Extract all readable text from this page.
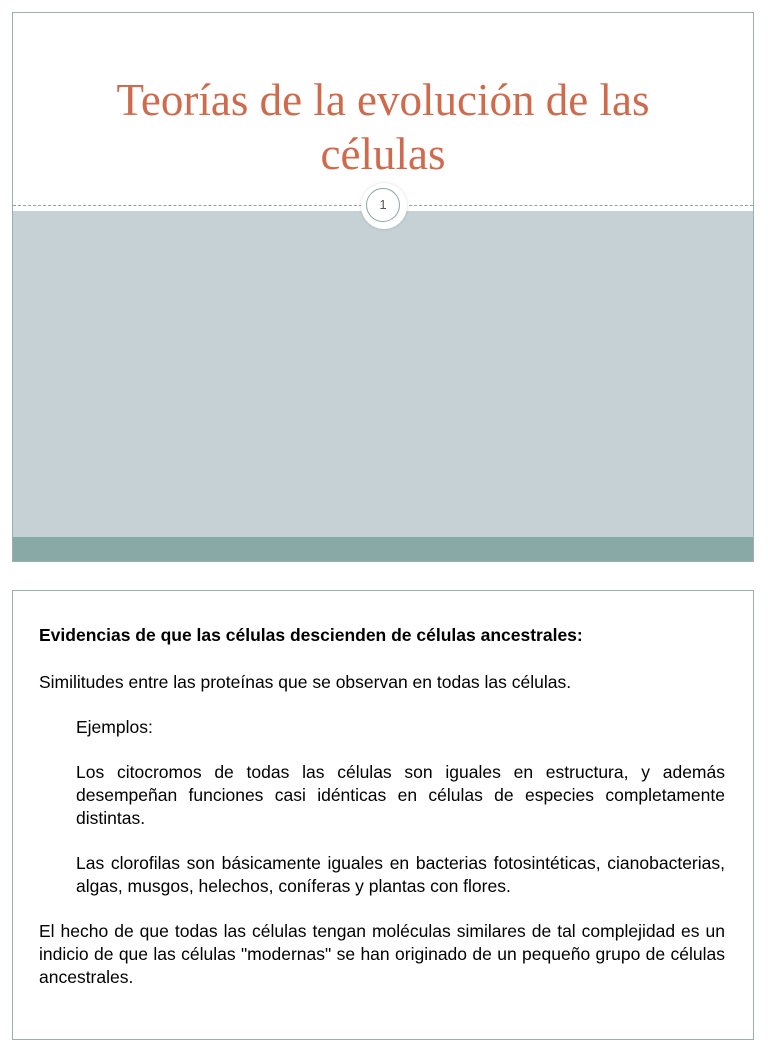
Teorías de la evolución de las células
1

Evidencias de que las células descienden de células ancestrales:

Similitudes entre las proteínas que se observan en todas las células.

Ejemplos:

Los citocromos de todas las células son iguales en estructura, y además desempeñan funciones casi idénticas en células de especies completamente distintas.

Las clorofilas son básicamente iguales en bacterias fotosintéticas, cianobacterias, algas, musgos, helechos, coníferas y plantas con flores.

El hecho de que todas las células tengan moléculas similares de tal complejidad es un indicio de que las células "modernas" se han originado de un pequeño grupo de células ancestrales.
